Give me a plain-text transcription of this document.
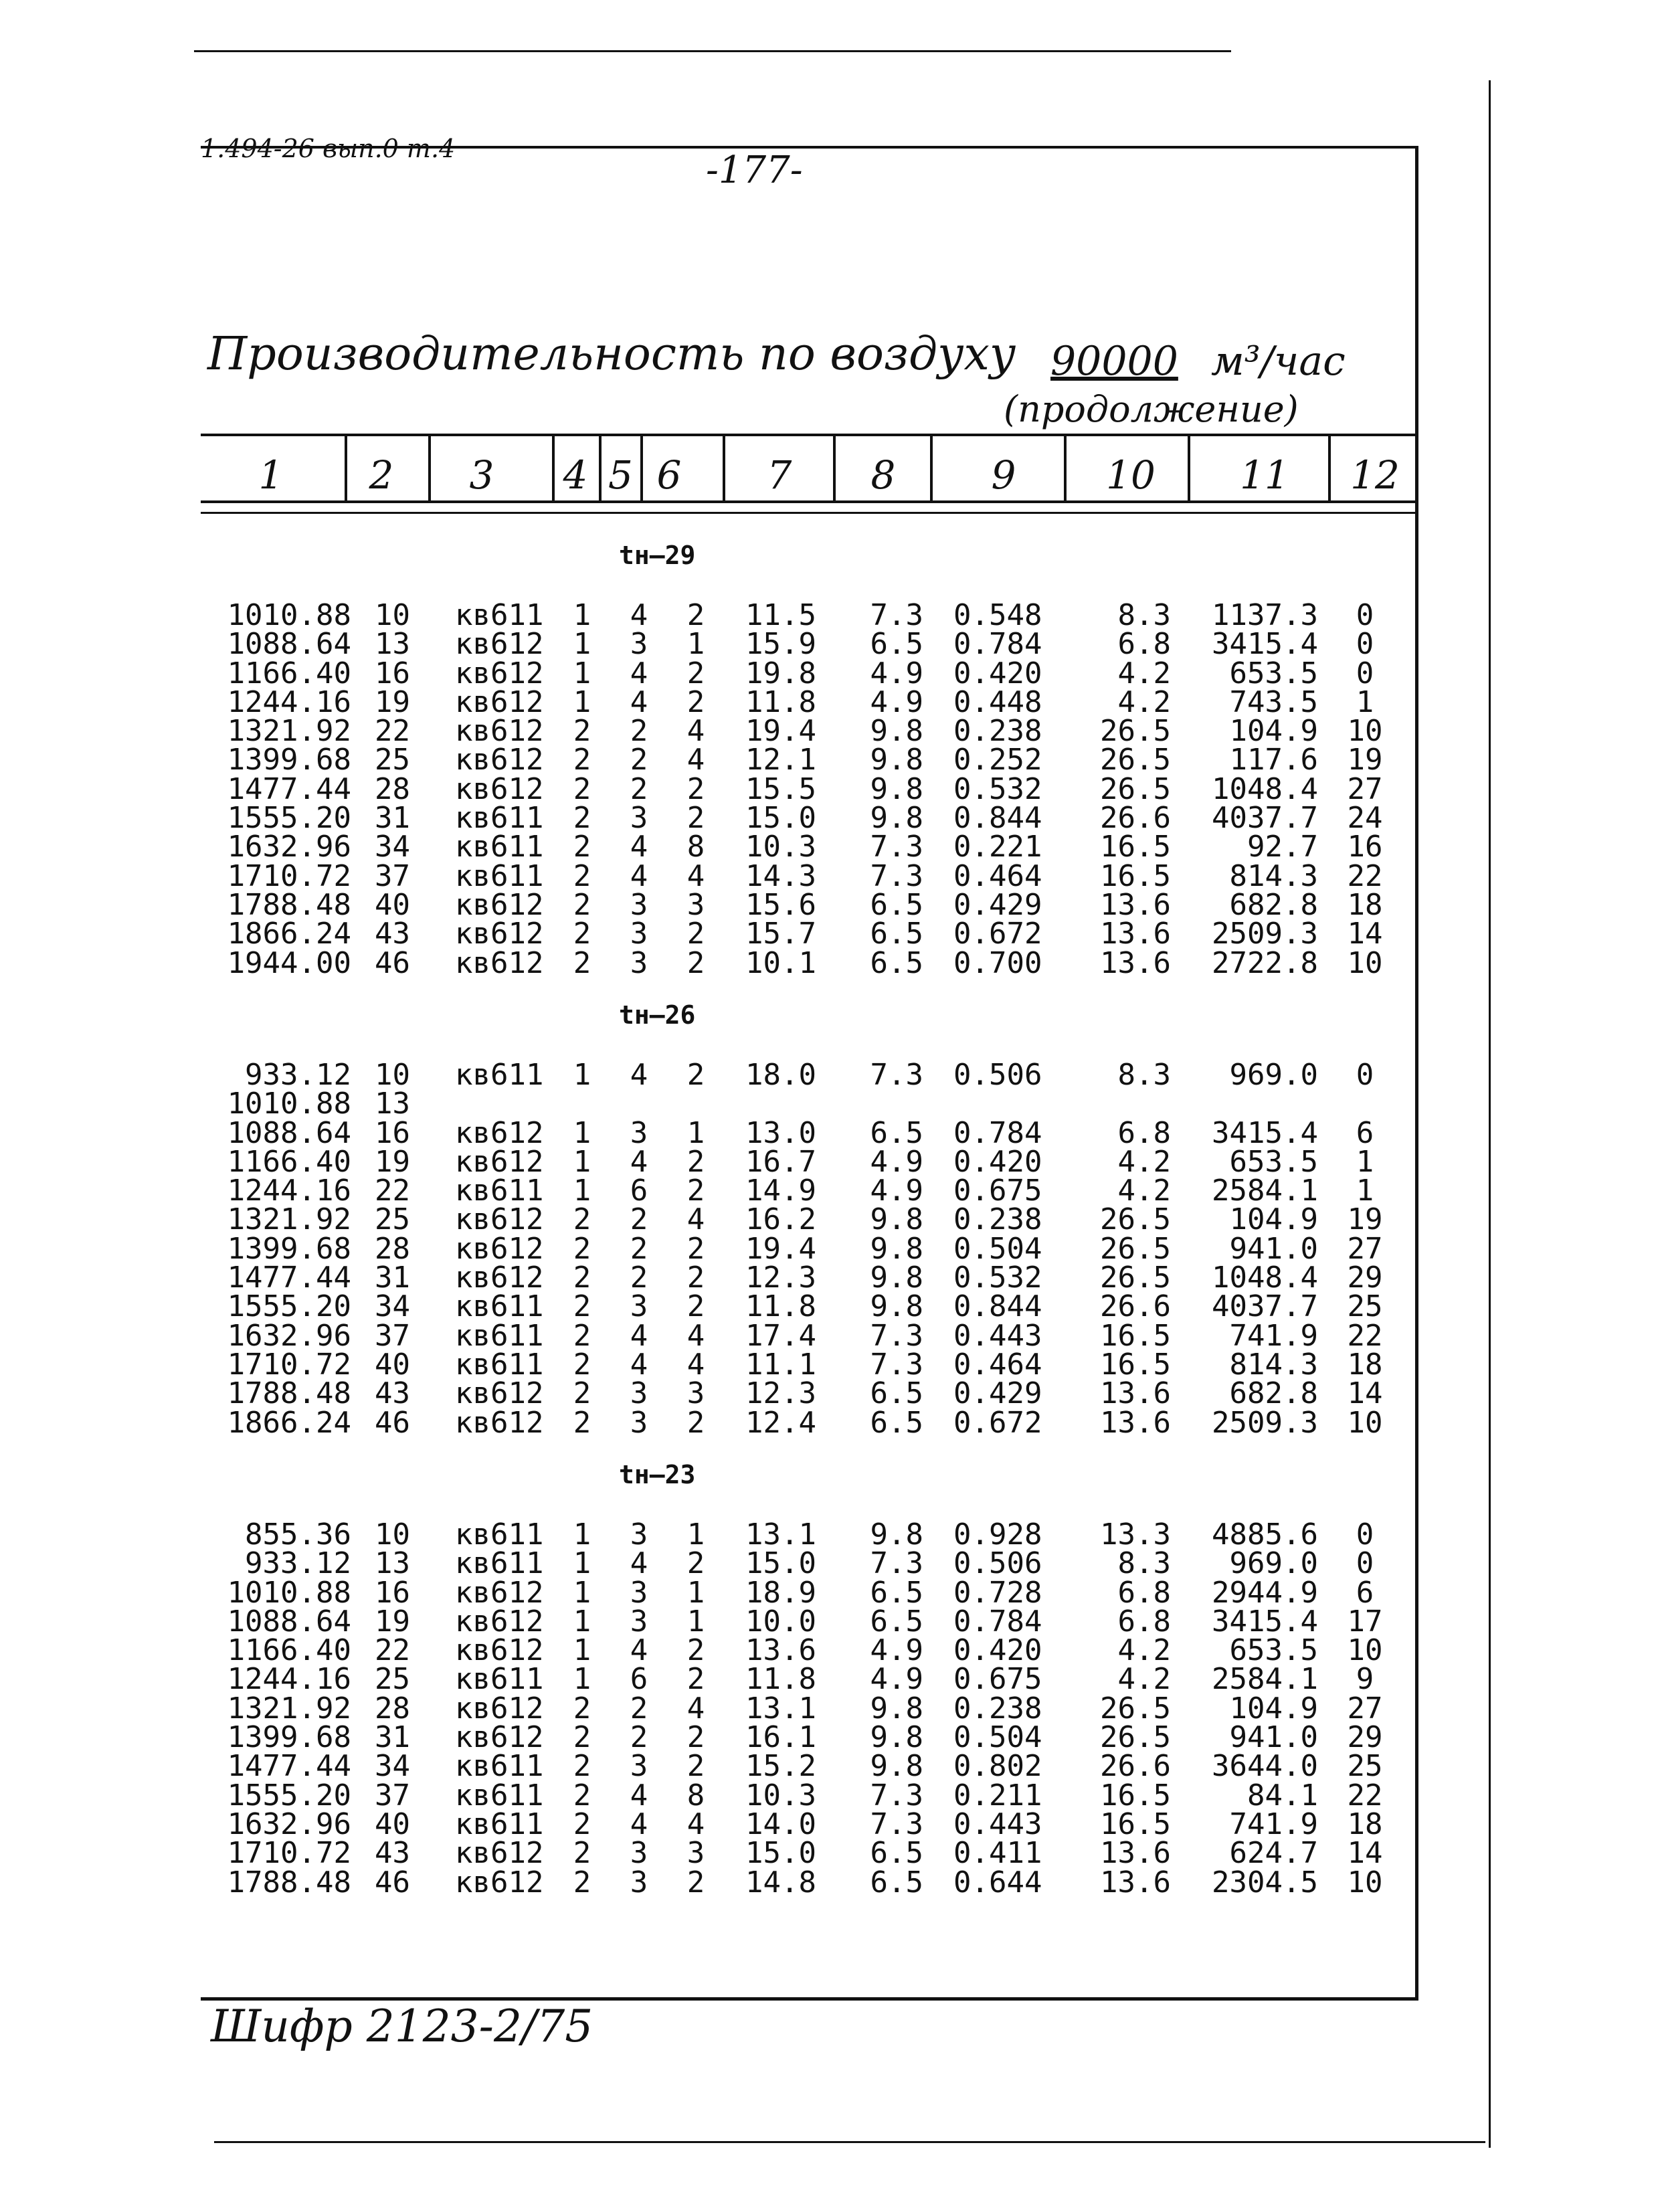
1.494-26 вып.0 т.4	-177-
Производительность по воздуху 90000 м³/час
(продолжение)
1	2	3	4 5 6	7	8	9	10	11	12
tн—29
1010.88 10	кв611 1 4 2	11.5	7.3 0.548	8.3	1137.3	0
1088.64 13	кв612 1 3 1	15.9	6.5 0.784	6.8	3415.4	0
1166.40 16	кв612 1 4 2	19.8	4.9 0.420	4.2	653.5	0
1244.16 19	кв612 1 4 2	11.8	4.9 0.448	4.2	743.5	1
1321.92 22	кв612 2 2 4	19.4	9.8 0.238	26.5	104.9 10
1399.68 25	кв612 2 2 4	12.1	9.8 0.252	26.5	117.6 19
1477.44 28	кв612 2 2 2	15.5	9.8 0.532	26.5	1048.4 27
1555.20 31	кв611 2 3 2	15.0	9.8 0.844	26.6	4037.7 24
1632.96 34	кв611 2 4 8	10.3	7.3 0.221	16.5	92.7 16
1710.72 37	кв611 2 4 4	14.3	7.3 0.464	16.5	814.3 22
1788.48 40	кв612 2 3 3	15.6	6.5 0.429	13.6	682.8 18
1866.24 43	кв612 2 3 2	15.7	6.5 0.672	13.6	2509.3 14
1944.00 46	кв612 2 3 2	10.1	6.5 0.700	13.6	2722.8 10
tн—26
933.12 10	кв611 1 4 2	18.0	7.3 0.506	8.3	969.0	0
1010.88 13
1088.64 16	кв612 1 3 1	13.0	6.5 0.784	6.8	3415.4	6
1166.40 19	кв612 1 4 2	16.7	4.9 0.420	4.2	653.5	1
1244.16 22	кв611 1 6 2	14.9	4.9 0.675	4.2	2584.1	1
1321.92 25	кв612 2 2 4	16.2	9.8 0.238	26.5	104.9 19
1399.68 28	кв612 2 2 2	19.4	9.8 0.504	26.5	941.0 27
1477.44 31	кв612 2 2 2	12.3	9.8 0.532	26.5	1048.4 29
1555.20 34	кв611 2 3 2	11.8	9.8 0.844	26.6	4037.7 25
1632.96 37	кв611 2 4 4	17.4	7.3 0.443	16.5	741.9 22
1710.72 40	кв611 2 4 4	11.1	7.3 0.464	16.5	814.3 18
1788.48 43	кв612 2 3 3	12.3	6.5 0.429	13.6	682.8 14
1866.24 46	кв612 2 3 2	12.4	6.5 0.672	13.6	2509.3 10
tн—23
855.36 10	кв611 1 3 1	13.1	9.8 0.928	13.3	4885.6	0
933.12 13	кв611 1 4 2	15.0	7.3 0.506	8.3	969.0	0
1010.88 16	кв612 1 3 1	18.9	6.5 0.728	6.8	2944.9	6
1088.64 19	кв612 1 3 1	10.0	6.5 0.784	6.8	3415.4 17
1166.40 22	кв612 1 4 2	13.6	4.9 0.420	4.2	653.5 10
1244.16 25	кв611 1 6 2	11.8	4.9 0.675	4.2	2584.1	9
1321.92 28	кв612 2 2 4	13.1	9.8 0.238	26.5	104.9 27
1399.68 31	кв612 2 2 2	16.1	9.8 0.504	26.5	941.0 29
1477.44 34	кв611 2 3 2	15.2	9.8 0.802	26.6	3644.0 25
1555.20 37	кв611 2 4 8	10.3	7.3 0.211	16.5	84.1 22
1632.96 40	кв611 2 4 4	14.0	7.3 0.443	16.5	741.9 18
1710.72 43	кв612 2 3 3	15.0	6.5 0.411	13.6	624.7 14
1788.48 46	кв612 2 3 2	14.8	6.5 0.644	13.6	2304.5 10
Шифр 2123-2/75
